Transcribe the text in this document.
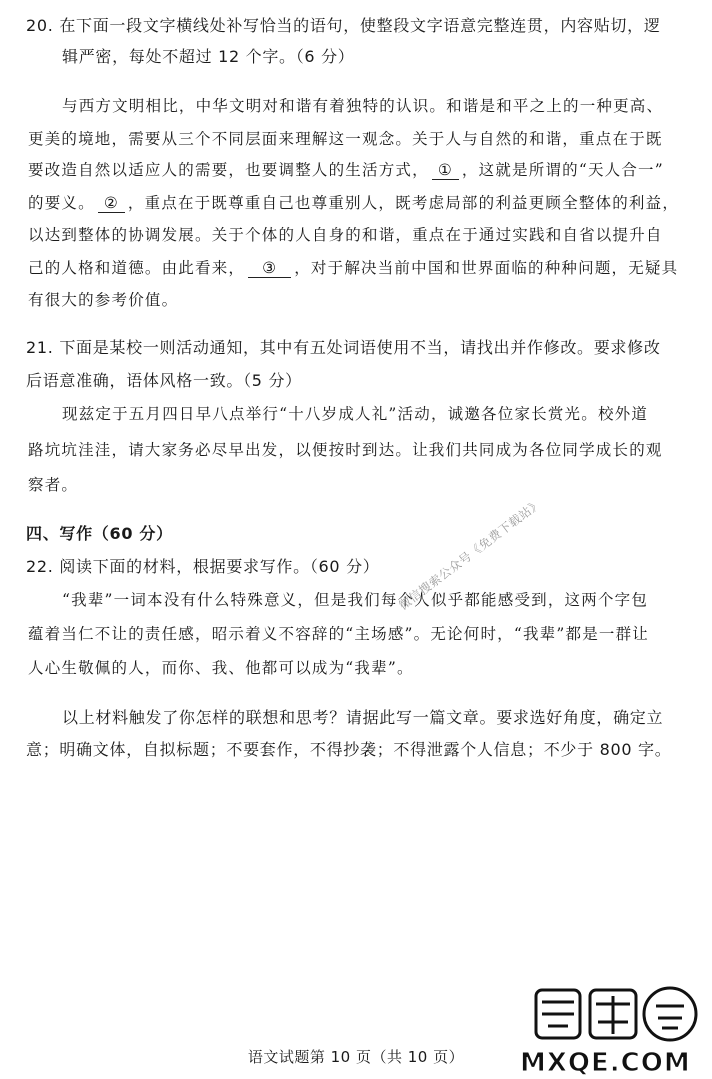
20. 在下面一段文字横线处补写恰当的语句，使整段文字语意完整连贯，内容贴切，逻
辑严密，每处不超过 12 个字。（6 分）
与西方文明相比，中华文明对和谐有着独特的认识。和谐是和平之上的一种更高、
更美的境地，需要从三个不同层面来理解这一观念。关于人与自然的和谐，重点在于既
要改造自然以适应人的需要，也要调整人的生活方式， ① ，这就是所谓的“天人合一”
的要义。 ② ，重点在于既尊重自己也尊重别人，既考虑局部的利益更顾全整体的利益，
以达到整体的协调发展。关于个体的人自身的和谐，重点在于通过实践和自省以提升自
己的人格和道德。由此看来， ③ ，对于解决当前中国和世界面临的种种问题，无疑具
有很大的参考价值。
21. 下面是某校一则活动通知，其中有五处词语使用不当，请找出并作修改。要求修改
后语意准确，语体风格一致。（5 分）
现兹定于五月四日早八点举行“十八岁成人礼”活动，诚邀各位家长赏光。校外道
路坑坑洼洼，请大家务必尽早出发，以便按时到达。让我们共同成为各位同学成长的观
察者。
四、写作（60 分）
22. 阅读下面的材料，根据要求写作。（60 分）
“我辈”一词本没有什么特殊意义，但是我们每个人似乎都能感受到，这两个字包
蕴着当仁不让的责任感，昭示着义不容辞的“主场感”。无论何时，“我辈”都是一群让
人心生敬佩的人，而你、我、他都可以成为“我辈”。
以上材料触发了你怎样的联想和思考？请据此写一篇文章。要求选好角度，确定立
意；明确文体，自拟标题；不要套作，不得抄袭；不得泄露个人信息；不少于 800 字。
微信搜索公众号《免费下载站》
MXQE.COM
语文试题第 10 页（共 10 页）
